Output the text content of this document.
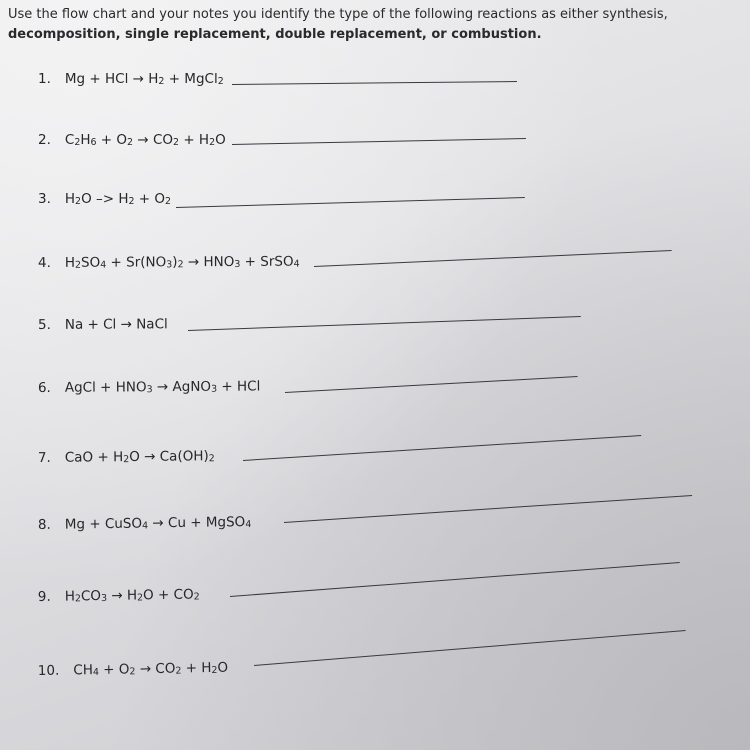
Use the flow chart and your notes you identify the type of the following reactions as either synthesis,
decomposition, single replacement, double replacement, or combustion.
1. Mg + HCl → $H_2$ + MgCl$_2$
2. $C_2H_6 + O_2 \to CO_2 + H_2O$
3. $H_2O -> H_2 + O_2$
4. $H_2SO_4 + Sr(NO_3)_2 \to HNO_3$ + SrSO$_4$
5. Na + Cl → NaCl
6. AgCl + $HNO_3$ → AgNO$_3$ + HCl
7. CaO + $H_2O \to Ca(OH)_2$
8. Mg + CuSO$_4$ → Cu + MgSO$_4$
9. $H_2CO_3 \to H_2O + CO_2$
10. $CH_4 + O_2 \to CO_2 + H_2O$
